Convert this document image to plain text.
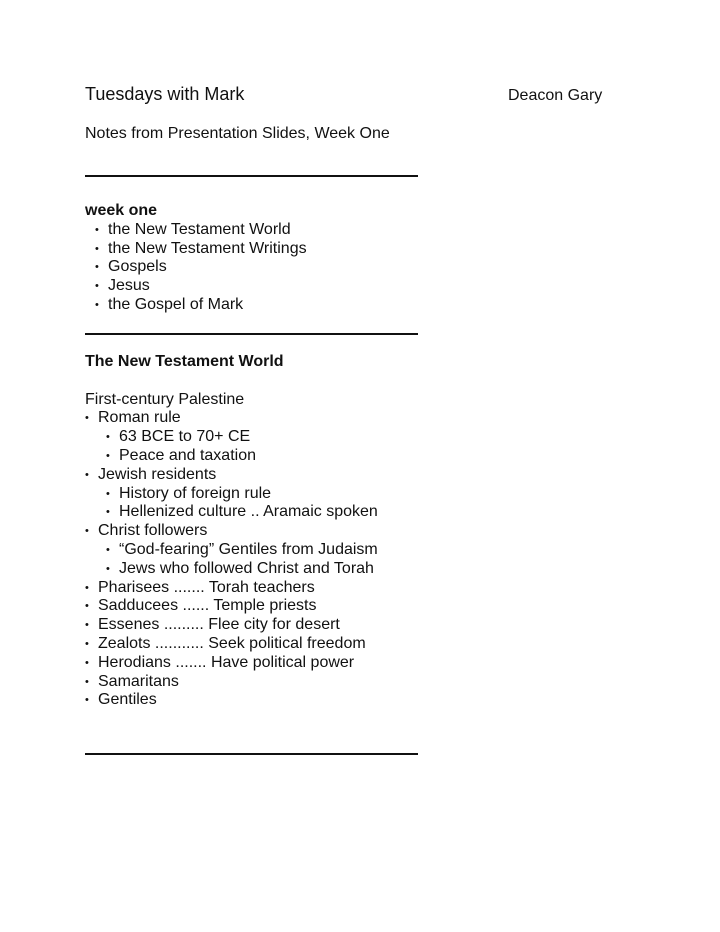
Tuesdays with Mark	Deacon Gary
Notes from Presentation Slides, Week One
week one
• the New Testament World
• the New Testament Writings
• Gospels
• Jesus
• the Gospel of Mark
The New Testament World
First-century Palestine
• Roman rule
• 63 BCE to 70+ CE
• Peace and taxation
• Jewish residents
• History of foreign rule
• Hellenized culture .. Aramaic spoken
• Christ followers
• “God-fearing” Gentiles from Judaism
• Jews who followed Christ and Torah
• Pharisees ....... Torah teachers
• Sadducees ...... Temple priests
• Essenes ......... Flee city for desert
• Zealots ........... Seek political freedom
• Herodians ....... Have political power
• Samaritans
• Gentiles
